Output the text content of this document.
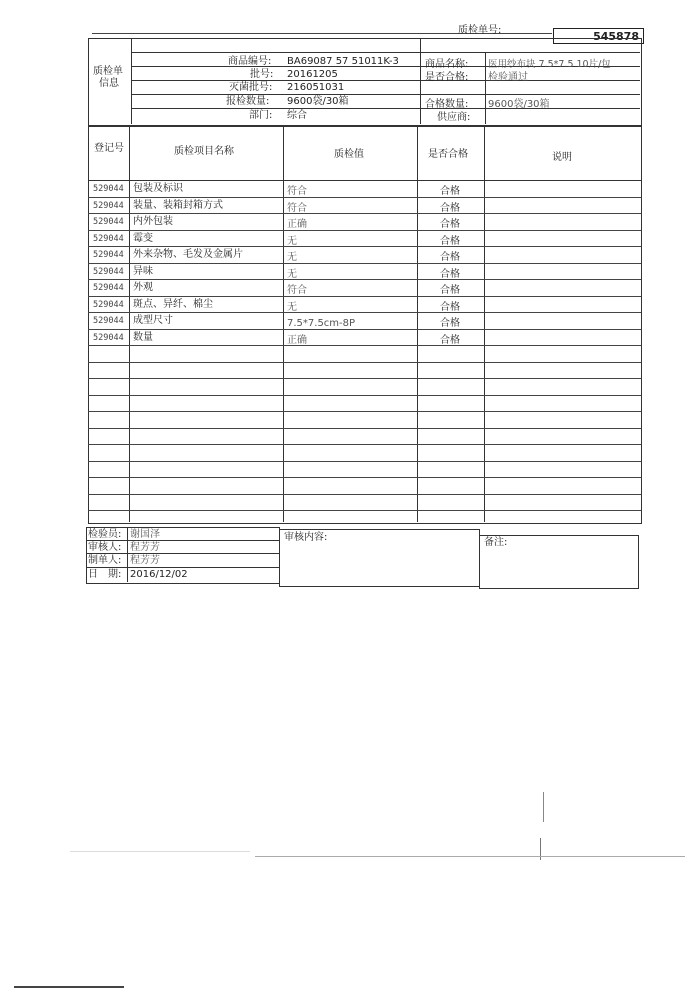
质检单号:	545878
质检单
信息
商品编号: BA69087 57 51011K-3
批号: 20161205
灭菌批号: 216051031
报检数量: 9600袋/30箱
部门: 综合
商品名称: 医用纱布块 7.5*7.5 10片/包
是否合格: 检验通过
合格数量: 9600袋/30箱
供应商:
登记号	质检项目名称	质检值	是否合格	说明
529044 包装及标识	符合	合格
529044 装量、装箱封箱方式	符合	合格
529044 内外包装	正确	合格
529044 霉变	无	合格
529044 外来杂物、毛发及金属片	无	合格
529044 异味	无	合格
529044 外观	符合	合格
529044 斑点、异纤、棉尘	无	合格
529044 成型尺寸	7.5*7.5cm-8P	合格
529044 数量	正确	合格
检验员: 谢国泽
审核人: 程芳芳
制单人: 程芳芳
日　期: 2016/12/02
审核内容:	备注:
